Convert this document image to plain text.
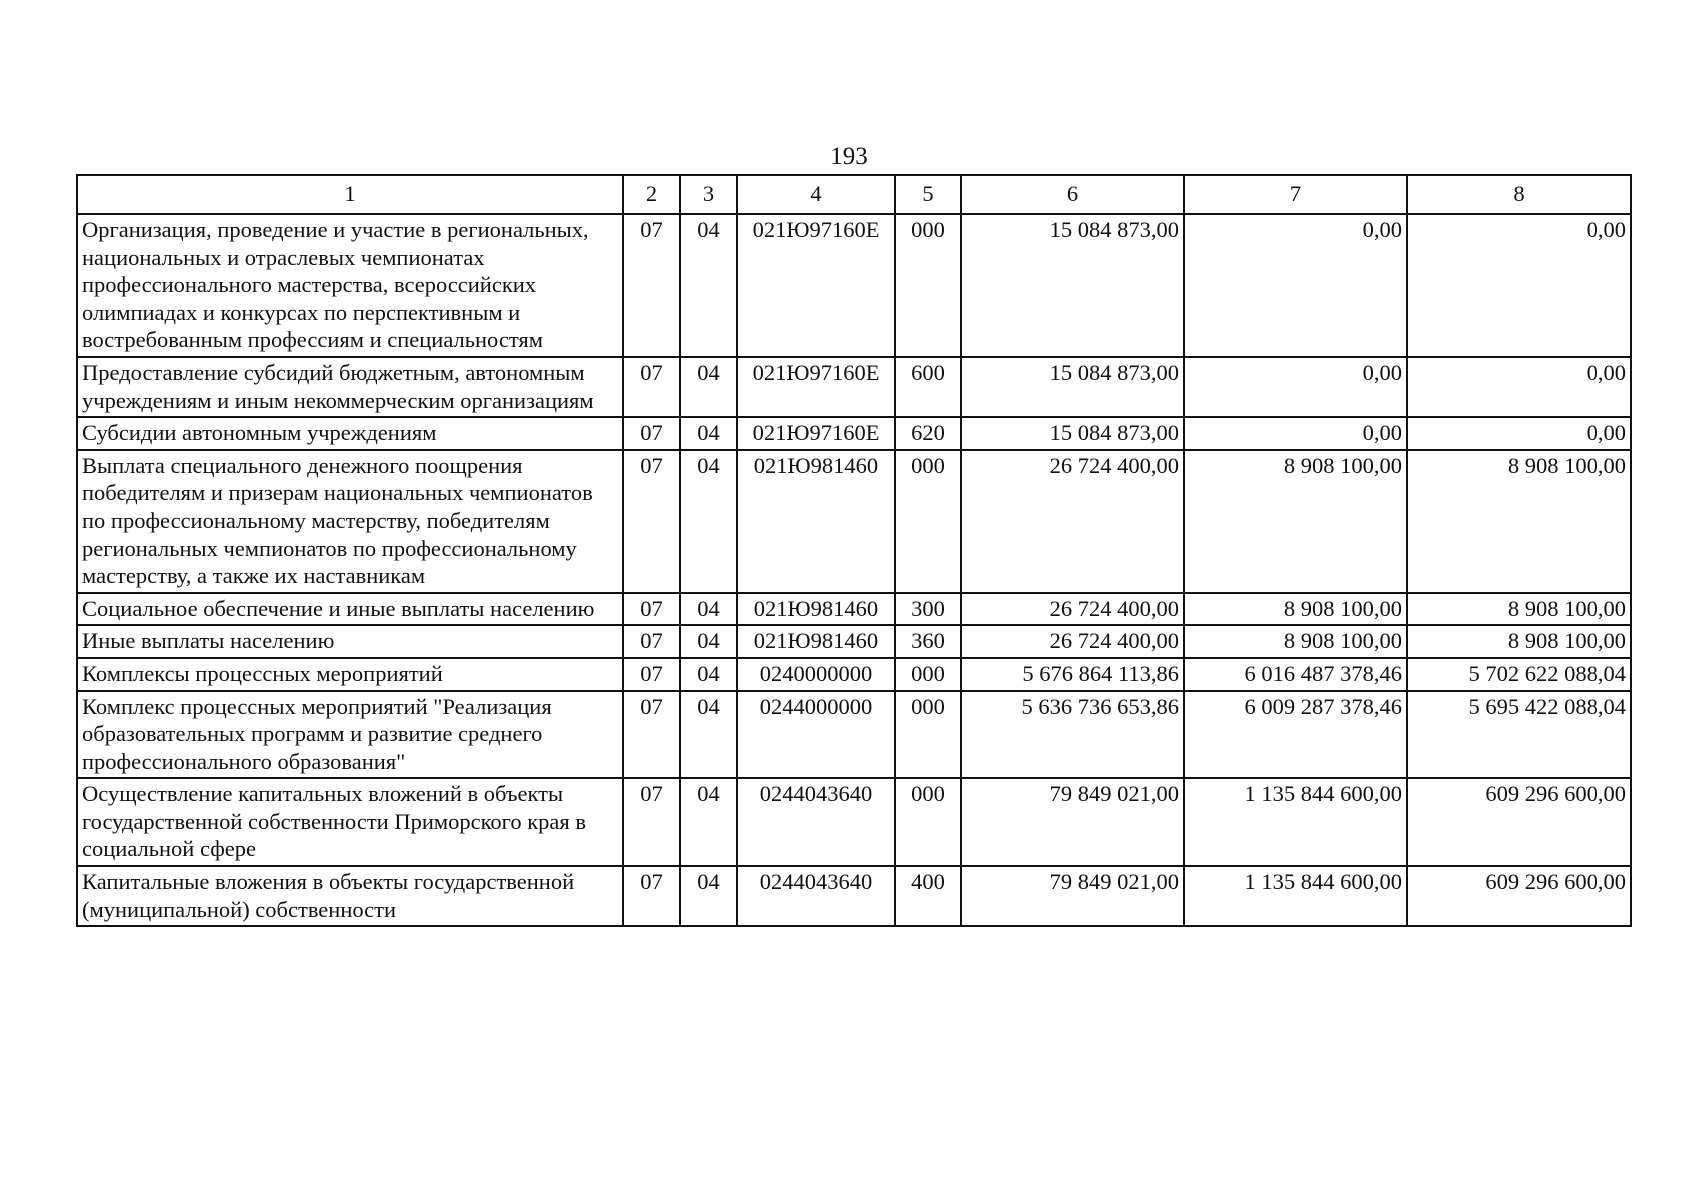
193
1	2	3	4	5	6	7	8
Организация, проведение и участие в региональных, национальных и отраслевых чемпионатах профессионального мастерства, всероссийских олимпиадах и конкурсах по перспективным и востребованным профессиям и специальностям	07	04	021Ю97160Е	000	15 084 873,00	0,00	0,00
Предоставление субсидий бюджетным, автономным учреждениям и иным некоммерческим организациям	07	04	021Ю97160Е	600	15 084 873,00	0,00	0,00
Субсидии автономным учреждениям	07	04	021Ю97160Е	620	15 084 873,00	0,00	0,00
Выплата специального денежного поощрения победителям и призерам национальных чемпионатов по профессиональному мастерству, победителям региональных чемпионатов по профессиональному мастерству, а также их наставникам	07	04	021Ю981460	000	26 724 400,00	8 908 100,00	8 908 100,00
Социальное обеспечение и иные выплаты населению	07	04	021Ю981460	300	26 724 400,00	8 908 100,00	8 908 100,00
Иные выплаты населению	07	04	021Ю981460	360	26 724 400,00	8 908 100,00	8 908 100,00
Комплексы процессных мероприятий	07	04	0240000000	000	5 676 864 113,86	6 016 487 378,46	5 702 622 088,04
Комплекс процессных мероприятий "Реализация образовательных программ и развитие среднего профессионального образования"	07	04	0244000000	000	5 636 736 653,86	6 009 287 378,46	5 695 422 088,04
Осуществление капитальных вложений в объекты государственной собственности Приморского края в социальной сфере	07	04	0244043640	000	79 849 021,00	1 135 844 600,00	609 296 600,00
Капитальные вложения в объекты государственной (муниципальной) собственности	07	04	0244043640	400	79 849 021,00	1 135 844 600,00	609 296 600,00
